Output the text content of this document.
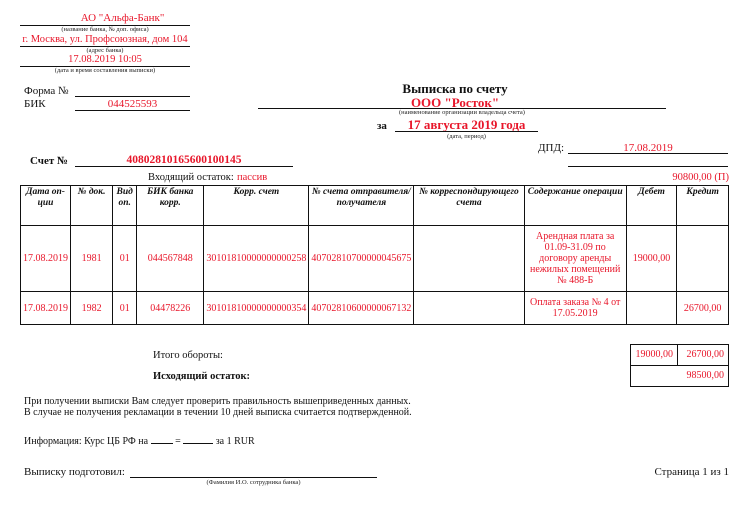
АО "Альфа-Банк"
(название банка, № доп. офиса)
г. Москва, ул. Профсоюзная, дом 104
(адрес банка)
17.08.2019 10:05
(дата и время составления выписки)
Форма №
БИК	044525593
Выписка по счету
ООО "Росток"
(наименование организации владельца счета)
за	17 августа 2019 года
(дата, период)
ДПД:	17.08.2019
Счет №	40802810165600100145
Входящий остаток: пассив	90800,00 (П)
Дата оп-ции	№ док.	Вид оп.	БИК банка корр.	Корр. счет	№ счета отправителя/ получателя	№ корреспондирующего счета	Содержание операции	Дебет	Кредит
17.08.2019	1981	01	044567848	30101810000000000258	40702810700000045675		Арендная плата за 01.09-31.09 по договору аренды нежилых помещений № 488-Б	19000,00	
17.08.2019	1982	01	04478226	30101810000000000354	40702810600000067132		Оплата заказа № 4 от 17.05.2019		26700,00
Итого обороты:	19000,00	26700,00
Исходящий остаток:	98500,00
При получении выписки Вам следует проверить правильность вышеприведенных данных.
В случае не получения рекламации в течении 10 дней выписка считается подтвержденной.
Информация: Курс ЦБ РФ на	=	за 1 RUR
Выписку подготовил:
(Фамилия И.О. сотрудника банка)
Страница 1 из 1
